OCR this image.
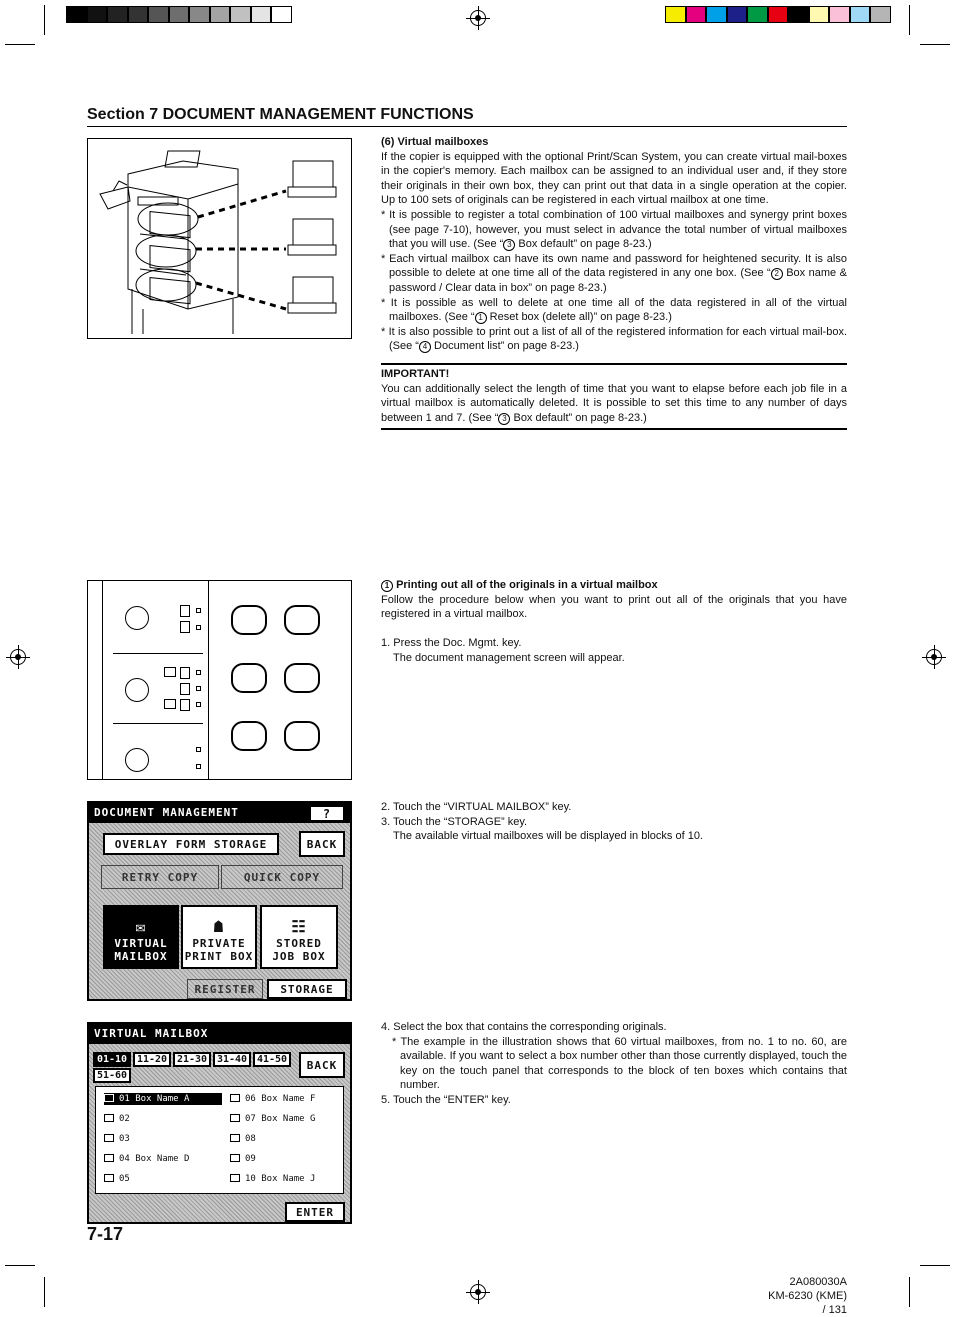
Section 7 DOCUMENT MANAGEMENT FUNCTIONS

(6) Virtual mailboxes

If the copier is equipped with the optional Print/Scan System, you can create virtual mail-boxes in the copier's memory. Each mailbox can be assigned to an individual user and, if they store their originals in their own box, they can print out that data in a single operation at the copier. Up to 100 sets of originals can be registered in each virtual mailbox at one time.

* It is possible to register a total combination of 100 virtual mailboxes and synergy print boxes (see page 7-10), however, you must select in advance the total number of virtual mailboxes that you will use. (See “ 3 Box default” on page 8-23.)

* Each virtual mailbox can have its own name and password for heightened security. It is also possible to delete at one time all of the data registered in any one box. (See “ 2 Box name & password / Clear data in box” on page 8-23.)

* It is possible as well to delete at one time all of the data registered in all of the virtual mailboxes. (See “ 1 Reset box (delete all)” on page 8-23.)

* It is also possible to print out a list of all of the registered information for each virtual mail-box. (See “ 4 Document list” on page 8-23.)

IMPORTANT!

You can additionally select the length of time that you want to elapse before each job file in a virtual mailbox is automatically deleted. It is possible to set this time to any number of days between 1 and 7. (See “ 3 Box default” on page 8-23.)

1 Printing out all of the originals in a virtual mailbox

Follow the procedure below when you want to print out all of the originals that you have registered in a virtual mailbox.

1. Press the Doc. Mgmt. key.

The document management screen will appear.

2. Touch the “VIRTUAL MAILBOX” key.

3. Touch the “STORAGE” key.

The available virtual mailboxes will be displayed in blocks of 10.

4. Select the box that contains the corresponding originals.

* The example in the illustration shows that 60 virtual mailboxes, from no. 1 to no. 60, are available. If you want to select a box number other than those currently displayed, touch the key on the touch panel that corresponds to the block of ten boxes which contains that number.

5. Touch the “ENTER” key.

DOCUMENT MANAGEMENT	?
OVERLAY FORM STORAGE	BACK
RETRY COPY	QUICK COPY
✉
VIRTUAL
MAILBOX
☗
PRIVATE
PRINT BOX
☷
STORED
JOB BOX
REGISTER	STORAGE
VIRTUAL MAILBOX
01-10 11-20 21-30 31-40 41-50
51-60
BACK
01 Box Name A
02
03
04 Box Name D
05
06 Box Name F
07 Box Name G
08
09
10 Box Name J
ENTER
7-17
2A080030A
KM-6230 (KME)
/ 131
